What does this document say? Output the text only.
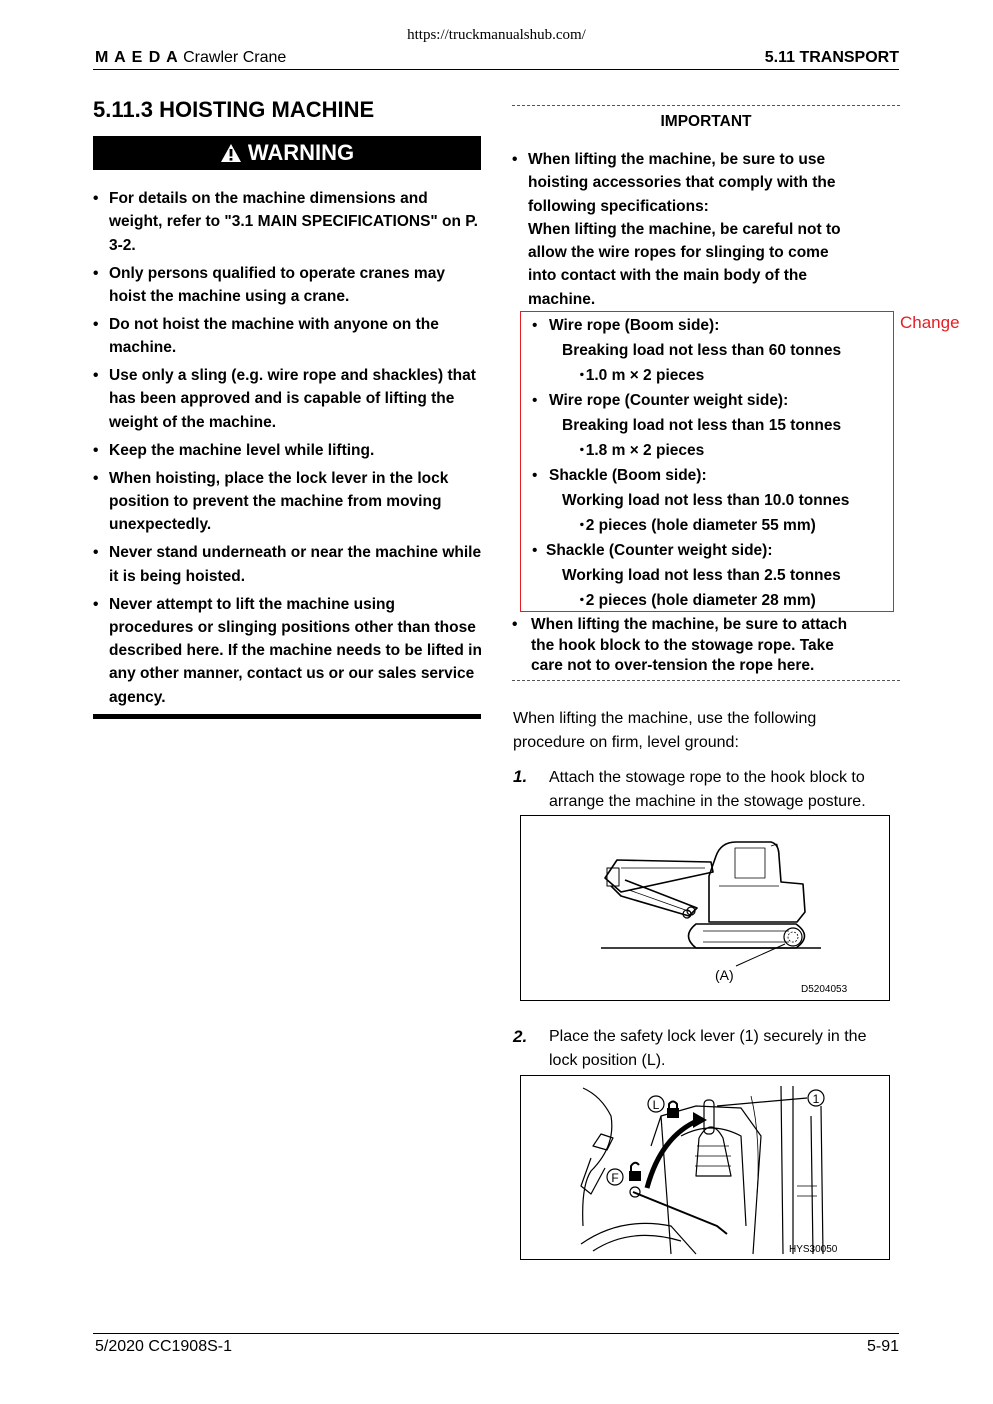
https://truckmanualshub.com/
M A E D A Crawler Crane	5.11 TRANSPORT
5.11.3 HOISTING MACHINE
WARNING
• For details on the machine dimensions and weight, refer to "3.1 MAIN SPECIFICATIONS" on P. 3-2.
• Only persons qualified to operate cranes may hoist the machine using a crane.
• Do not hoist the machine with anyone on the machine.
• Use only a sling (e.g. wire rope and shackles) that has been approved and is capable of lifting the weight of the machine.
• Keep the machine level while lifting.
• When hoisting, place the lock lever in the lock position to prevent the machine from moving unexpectedly.
• Never stand underneath or near the machine while it is being hoisted.
• Never attempt to lift the machine using procedures or slinging positions other than those described here. If the machine needs to be lifted in any other manner, contact us or our sales service agency.
IMPORTANT
• When lifting the machine, be sure to use
hoisting accessories that comply with the
following specifications:
When lifting the machine, be careful not to
allow the wire ropes for slinging to come
into contact with the main body of the
machine.
Change
• Wire rope (Boom side):
Breaking load not less than 60 tonnes
･1.0 m × 2 pieces
• Wire rope (Counter weight side):
Breaking load not less than 15 tonnes
･1.8 m × 2 pieces
• Shackle (Boom side):
Working load not less than 10.0 tonnes
･2 pieces (hole diameter 55 mm)
• Shackle (Counter weight side):
Working load not less than 2.5 tonnes
･2 pieces (hole diameter 28 mm)
• When lifting the machine, be sure to attach
the hook block to the stowage rope. Take
care not to over-tension the rope here.
When lifting the machine, use the following
procedure on firm, level ground:
1. Attach the stowage rope to the hook block to
arrange the machine in the stowage posture.
(A)
D5204053
2. Place the safety lock lever (1) securely in the
lock position (L).
L
F
1
HYS30050
5/2020 CC1908S-1	5-91
